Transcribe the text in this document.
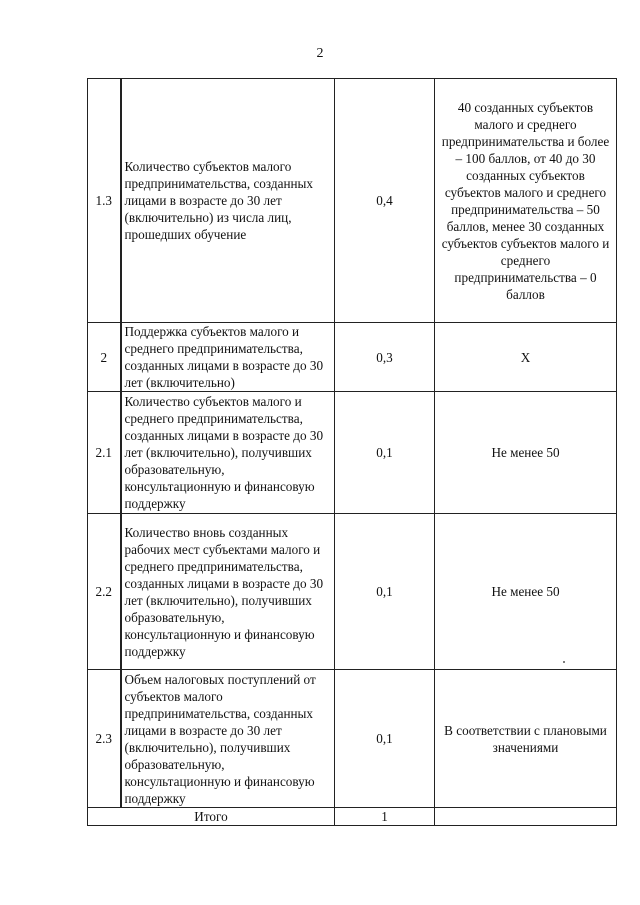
2
1.3	Количество субъектов малого предпринимательства, созданных лицами в возрасте до 30 лет (включительно) из числа лиц, прошедших обучение	0,4	40 созданных субъектов малого и среднего предпринимательства и более – 100 баллов, от 40 до 30 созданных субъектов субъектов малого и среднего предпринимательства – 50 баллов, менее 30 созданных субъектов субъектов малого и среднего предпринимательства – 0 баллов
2	Поддержка субъектов малого и среднего предпринимательства, созданных лицами в возрасте до 30 лет (включительно)	0,3	Х
2.1	Количество субъектов малого и среднего предпринимательства, созданных лицами в возрасте до 30 лет (включительно), получивших образовательную, консультационную и финансовую поддержку	0,1	Не менее 50
2.2	Количество вновь созданных рабочих мест субъектами малого и среднего предпринимательства, созданных лицами в возрасте до 30 лет (включительно), получивших образовательную, консультационную и финансовую поддержку	0,1	Не менее 50
2.3	Объем налоговых поступлений от субъектов малого предпринимательства, созданных лицами в возрасте до 30 лет (включительно), получивших образовательную, консультационную и финансовую поддержку	0,1	В соответствии с плановыми значениями
Итого		1	
